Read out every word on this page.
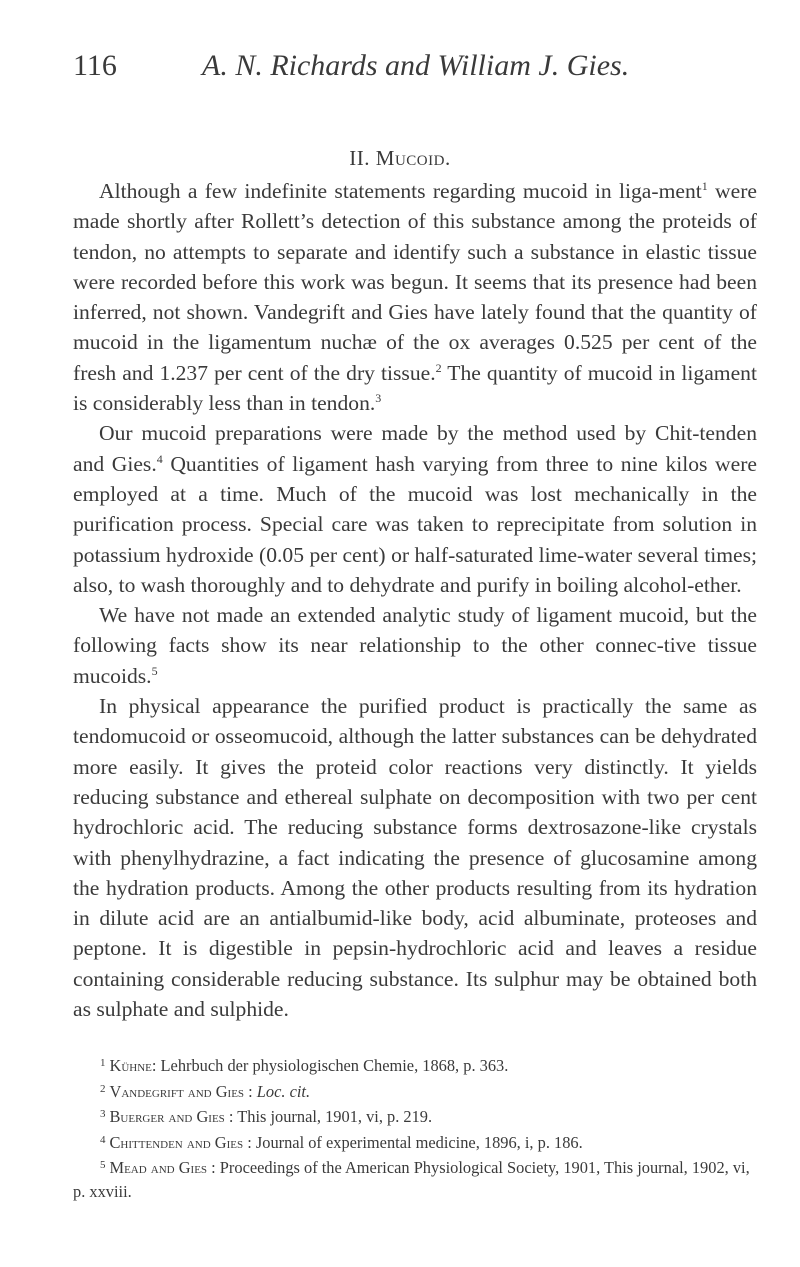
116	A. N. Richards and William J. Gies.
II. Mucoid.

Although a few indefinite statements regarding mucoid in liga-ment$^1$ were made shortly after Rollett’s detection of this substance among the proteids of tendon, no attempts to separate and identify such a substance in elastic tissue were recorded before this work was begun. It seems that its presence had been inferred, not shown. Vandegrift and Gies have lately found that the quantity of mucoid in the ligamentum nuchæ of the ox averages 0.525 per cent of the fresh and 1.237 per cent of the dry tissue.$^2$ The quantity of mucoid in ligament is considerably less than in tendon.$^3$

Our mucoid preparations were made by the method used by Chit-tenden and Gies.$^4$ Quantities of ligament hash varying from three to nine kilos were employed at a time. Much of the mucoid was lost mechanically in the purification process. Special care was taken to reprecipitate from solution in potassium hydroxide (0.05 per cent) or half-saturated lime-water several times; also, to wash thoroughly and to dehydrate and purify in boiling alcohol-ether.

We have not made an extended analytic study of ligament mucoid, but the following facts show its near relationship to the other connec-tive tissue mucoids.$^5$

In physical appearance the purified product is practically the same as tendomucoid or osseomucoid, although the latter substances can be dehydrated more easily. It gives the proteid color reactions very distinctly. It yields reducing substance and ethereal sulphate on decomposition with two per cent hydrochloric acid. The reducing substance forms dextrosazone-like crystals with phenylhydrazine, a fact indicating the presence of glucosamine among the hydration products. Among the other products resulting from its hydration in dilute acid are an antialbumid-like body, acid albuminate, proteoses and peptone. It is digestible in pepsin-hydrochloric acid and leaves a residue containing considerable reducing substance. Its sulphur may be obtained both as sulphate and sulphide.

$^1$ Kühne: Lehrbuch der physiologischen Chemie, 1868, p. 363.

$^2$ Vandegrift and Gies : Loc. cit.

$^3$ Buerger and Gies : This journal, 1901, vi, p. 219.

$^4$ Chittenden and Gies : Journal of experimental medicine, 1896, i, p. 186.

$^5$ Mead and Gies : Proceedings of the American Physiological Society, 1901, This journal, 1902, vi, p. xxviii.
